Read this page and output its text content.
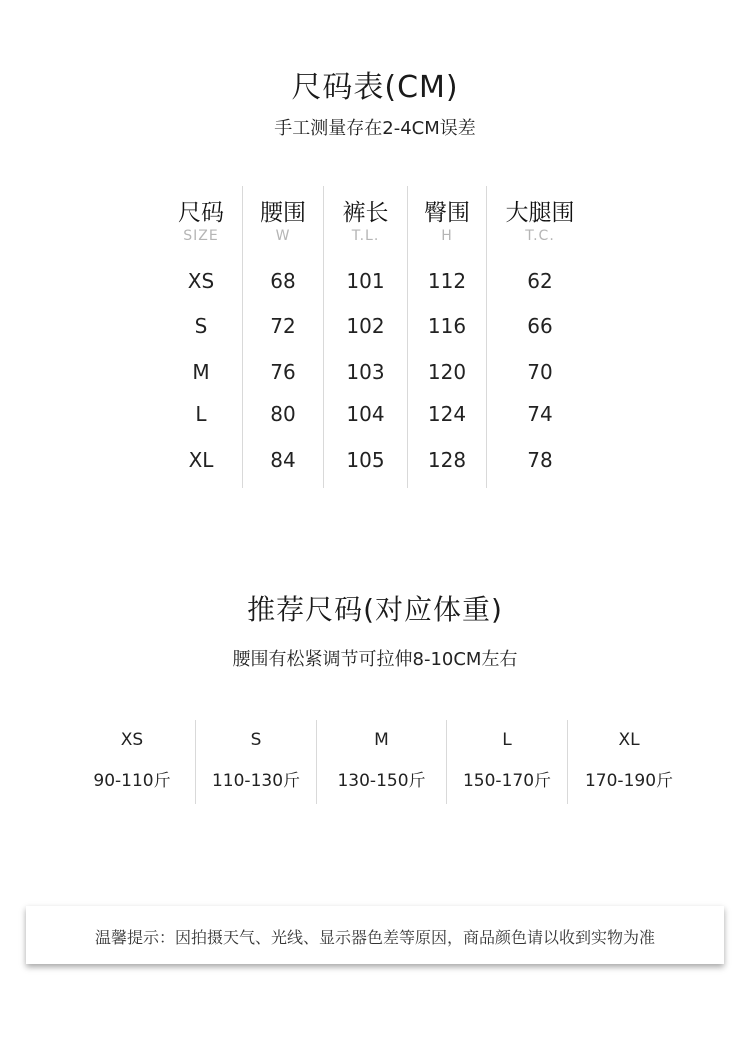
尺码表(CM)
手工测量存在2-4CM误差
尺码
SIZE
XS
S
M
L
XL
腰围
W
68
72
76
80
84
裤长
T.L.
101
102
103
104
105
臀围
H
112
116
120
124
128
大腿围
T.C.
62
66
70
74
78
推荐尺码(对应体重)
腰围有松紧调节可拉伸8-10CM左右
XS
90-110斤
S
110-130斤
M
130-150斤
L
150-170斤
XL
170-190斤
温馨提示：因拍摄天气、光线、显示器色差等原因，商品颜色请以收到实物为准
